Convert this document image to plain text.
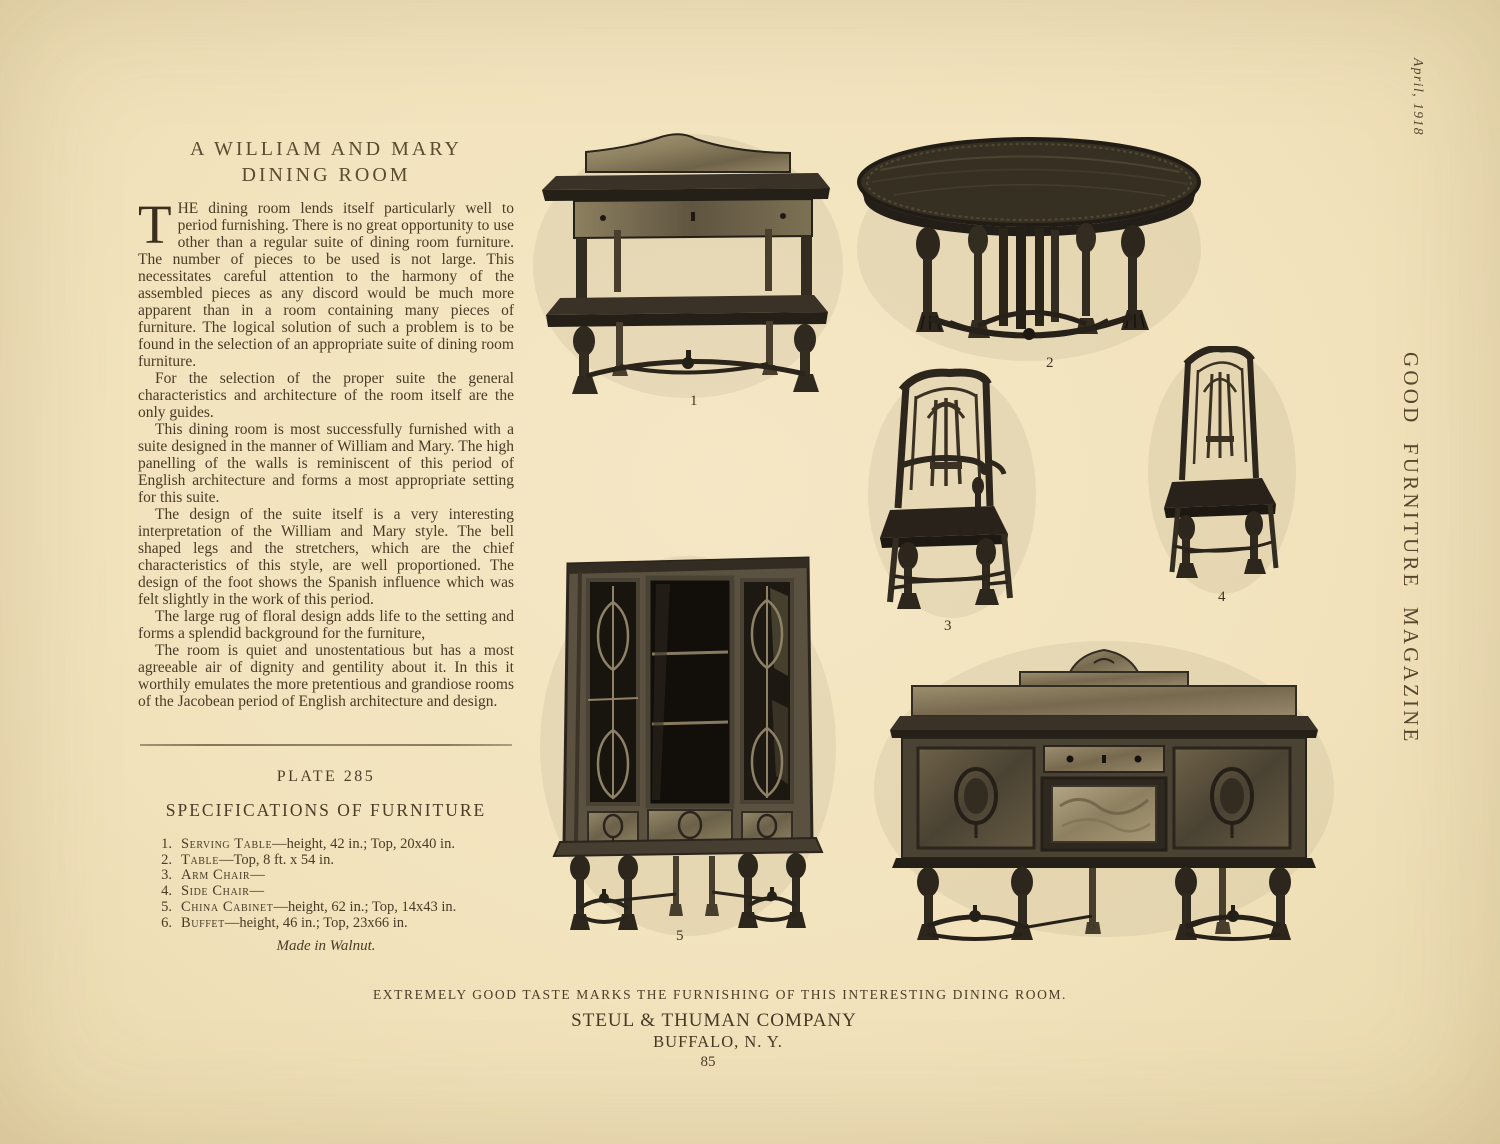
April, 1918
GOOD FURNITURE MAGAZINE
A WILLIAM AND MARY
DINING ROOM

THE dining room lends itself particularly well to period furnishing. There is no great opportunity to use other than a regular suite of dining room furniture. The number of pieces to be used is not large. This necessitates careful attention to the harmony of the assembled pieces as any discord would be much more apparent than in a room containing many pieces of furniture. The logical solution of such a problem is to be found in the selection of an appropriate suite of dining room furniture.

For the selection of the proper suite the general characteristics and architecture of the room itself are the only guides.

This dining room is most successfully furnished with a suite designed in the manner of William and Mary. The high panelling of the walls is reminiscent of this period of English architecture and forms a most appropriate setting for this suite.

The design of the suite itself is a very interesting interpretation of the William and Mary style. The bell shaped legs and the stretchers, which are the chief characteristics of this style, are well proportioned. The design of the foot shows the Spanish influence which was felt slightly in the work of this period.

The large rug of floral design adds life to the setting and forms a splendid background for the furniture,

The room is quiet and unostentatious but has a most agreeable air of dignity and gentility about it. In this it worthily emulates the more pretentious and grandiose rooms of the Jacobean period of English architecture and design.

PLATE 285
SPECIFICATIONS OF FURNITURE
1. Serving Table—height, 42 in.; Top, 20x40 in.
2. Table—Top, 8 ft. x 54 in.
3. Arm Chair—
4. Side Chair—
5. China Cabinet—height, 62 in.; Top, 14x43 in.
6. Buffet—height, 46 in.; Top, 23x66 in.
Made in Walnut.
1
2
3
4
5
6
EXTREMELY GOOD TASTE MARKS THE FURNISHING OF THIS INTERESTING DINING ROOM.
STEUL & THUMAN COMPANY
BUFFALO, N. Y.
85
